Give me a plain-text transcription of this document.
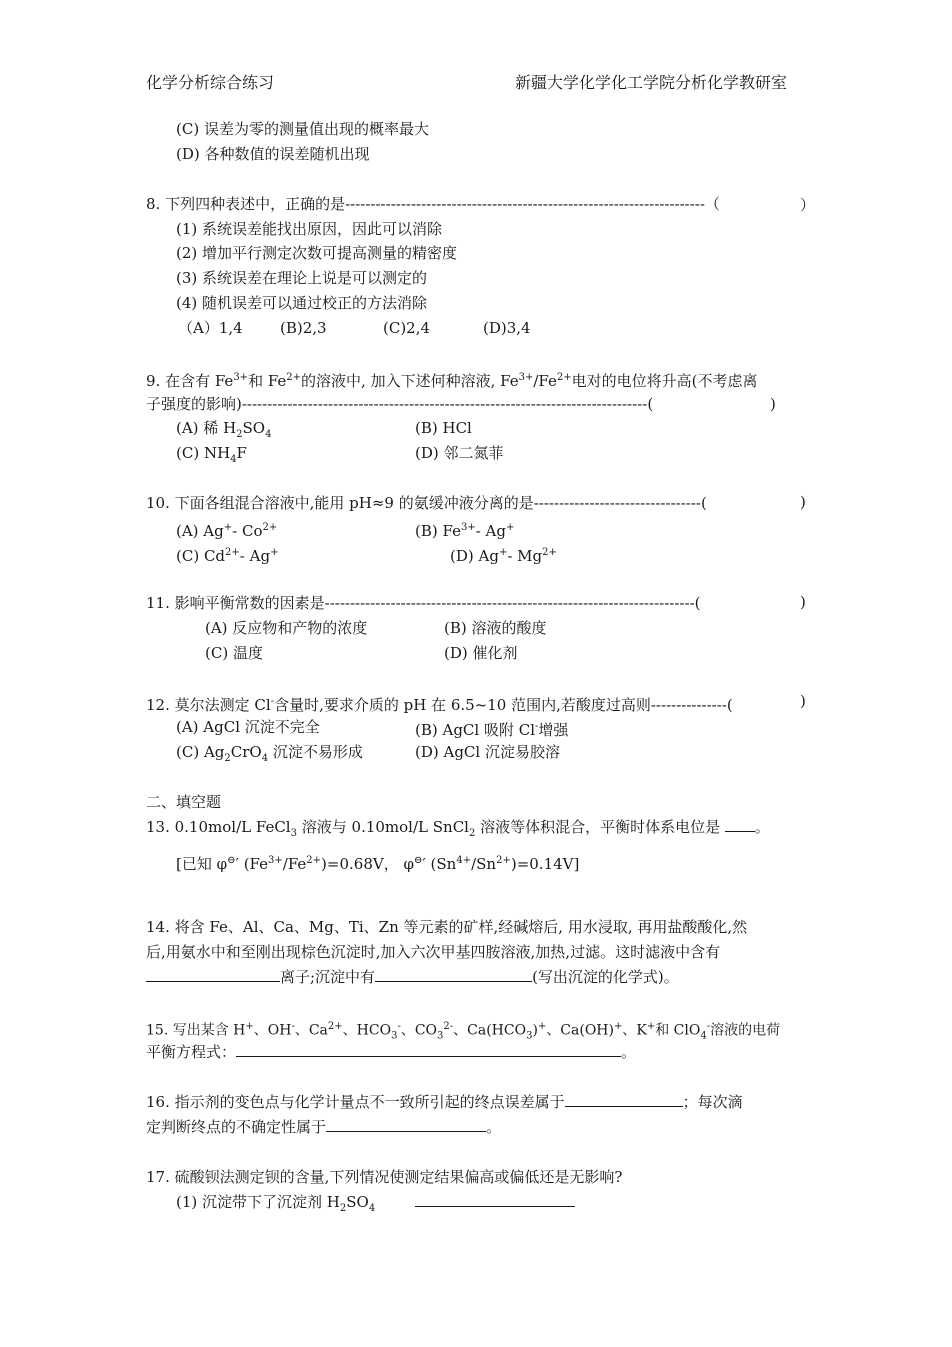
化学分析综合练习	新疆大学化学化工学院分析化学教研室
(C) 误差为零的测量值出现的概率最大
(D) 各种数值的误差随机出现
8. 下列四种表述中，正确的是-----------------------------------------------------------------------（	）
(1) 系统误差能找出原因，因此可以消除
(2) 增加平行测定次数可提高测量的精密度
(3) 系统误差在理论上说是可以测定的
(4) 随机误差可以通过校正的方法消除
（A）1,4 (B)2,3	(C)2,4	(D)3,4
9. 在含有 $Fe^{3+}$和 $Fe^{2+}$的溶液中, 加入下述何种溶液, $Fe^{3+}/Fe^{2+}$电对的电位将升高(不考虑离
子强度的影响)--------------------------------------------------------------------------------(	)
(A) 稀 $H_2SO_4$	(B) HCl
(C) $NH_4F$	(D) 邻二氮菲
10. 下面各组混合溶液中,能用 pH≈9 的氨缓冲液分离的是---------------------------------(	)
(A) Ag+- $Co^{2+}$	(B) $Fe^{3+}-$ Ag+
(C) $Cd^{2+}-$ Ag+	(D) Ag+- $Mg^{2+}$
11. 影响平衡常数的因素是-------------------------------------------------------------------------(	)
(A) 反应物和产物的浓度	(B) 溶液的酸度
(C) 温度	(D) 催化剂
12. 莫尔法测定 Cl-含量时,要求介质的 pH 在 6.5~10 范围内,若酸度过高则---------------(	)
(A) AgCl 沉淀不完全	(B) AgCl 吸附 Cl-增强
(C) $Ag_2CrO_4$ 沉淀不易形成	(D) AgCl 沉淀易胶溶
二、填空题
13. 0.10mol/L FeCl$_3$ 溶液与 0.10mol/L SnCl$_2$ 溶液等体积混合，平衡时体系电位是 。
[已知 φ⊖′ $(Fe^{3+}/Fe^{2+})=0.68V$， φ⊖′ $(Sn^{4+}/Sn^{2+})=0.14V$]
14. 将含 Fe、Al、Ca、Mg、Ti、Zn 等元素的矿样,经碱熔后, 用水浸取, 再用盐酸酸化,然
后,用氨水中和至刚出现棕色沉淀时,加入六次甲基四胺溶液,加热,过滤。这时滤液中含有
离子;沉淀中有	(写出沉淀的化学式)。
15. 写出某含 H+、OH-、$Ca^{2+}$、$HCO_3^-$、$CO_3^{2-}$、$Ca(HCO_3)^+$、Ca(OH)+、K+和 ClO$_4$-溶液的电荷
平衡方程式：	。
16. 指示剂的变色点与化学计量点不一致所引起的终点误差属于	；每次滴
定判断终点的不确定性属于	。
17. 硫酸钡法测定钡的含量,下列情况使测定结果偏高或偏低还是无影响?
(1) 沉淀带下了沉淀剂 $H_2SO_4$
